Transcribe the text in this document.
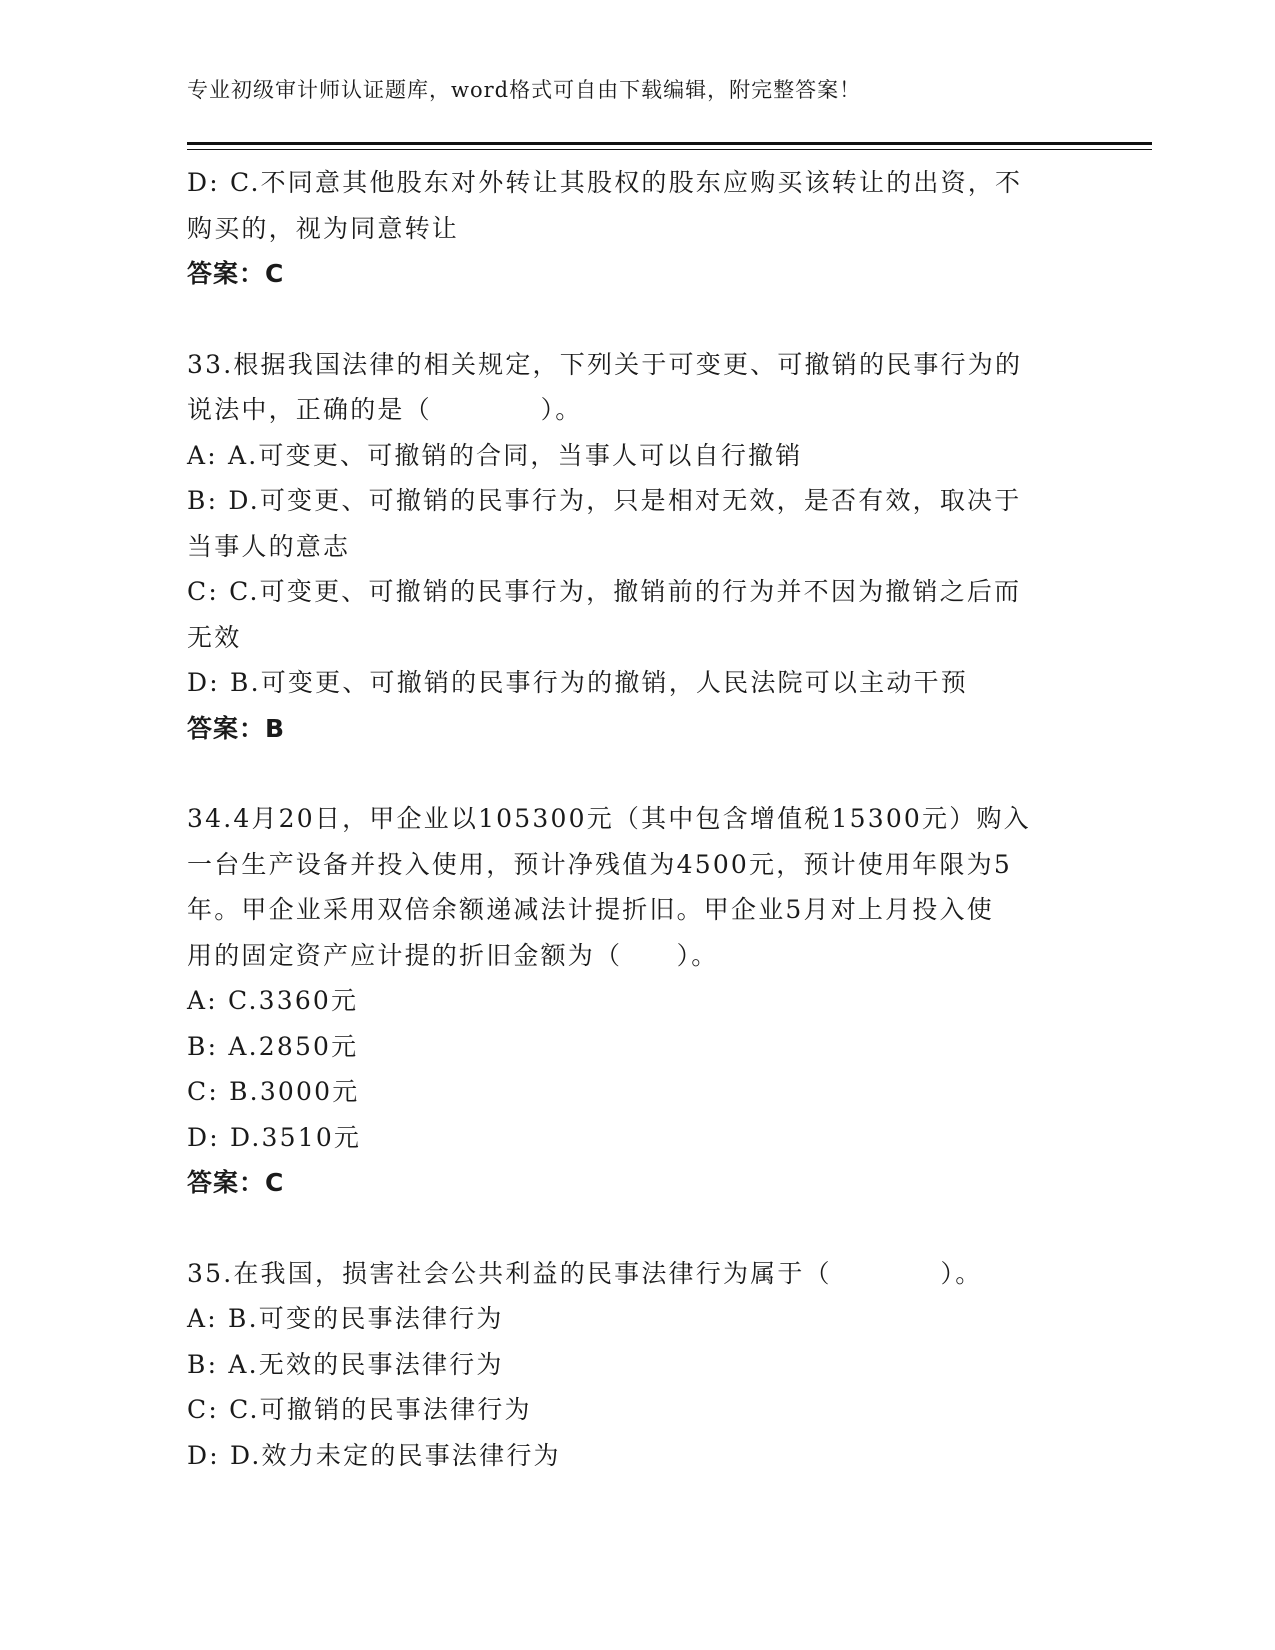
专业初级审计师认证题库，word格式可自由下载编辑，附完整答案！

D: C.不同意其他股东对外转让其股权的股东应购买该转让的出资，不

购买的，视为同意转让

答案：C

33.根据我国法律的相关规定，下列关于可变更、可撤销的民事行为的

说法中，正确的是（　　　　）。

A: A.可变更、可撤销的合同，当事人可以自行撤销

B: D.可变更、可撤销的民事行为，只是相对无效，是否有效，取决于

当事人的意志

C: C.可变更、可撤销的民事行为，撤销前的行为并不因为撤销之后而

无效

D: B.可变更、可撤销的民事行为的撤销，人民法院可以主动干预

答案：B

34.4月20日，甲企业以105300元（其中包含增值税15300元）购入

一台生产设备并投入使用，预计净残值为4500元，预计使用年限为5

年。甲企业采用双倍余额递减法计提折旧。甲企业5月对上月投入使

用的固定资产应计提的折旧金额为（　　）。

A: C.3360元

B: A.2850元

C: B.3000元

D: D.3510元

答案：C

35.在我国，损害社会公共利益的民事法律行为属于（　　　　）。

A: B.可变的民事法律行为

B: A.无效的民事法律行为

C: C.可撤销的民事法律行为

D: D.效力未定的民事法律行为
